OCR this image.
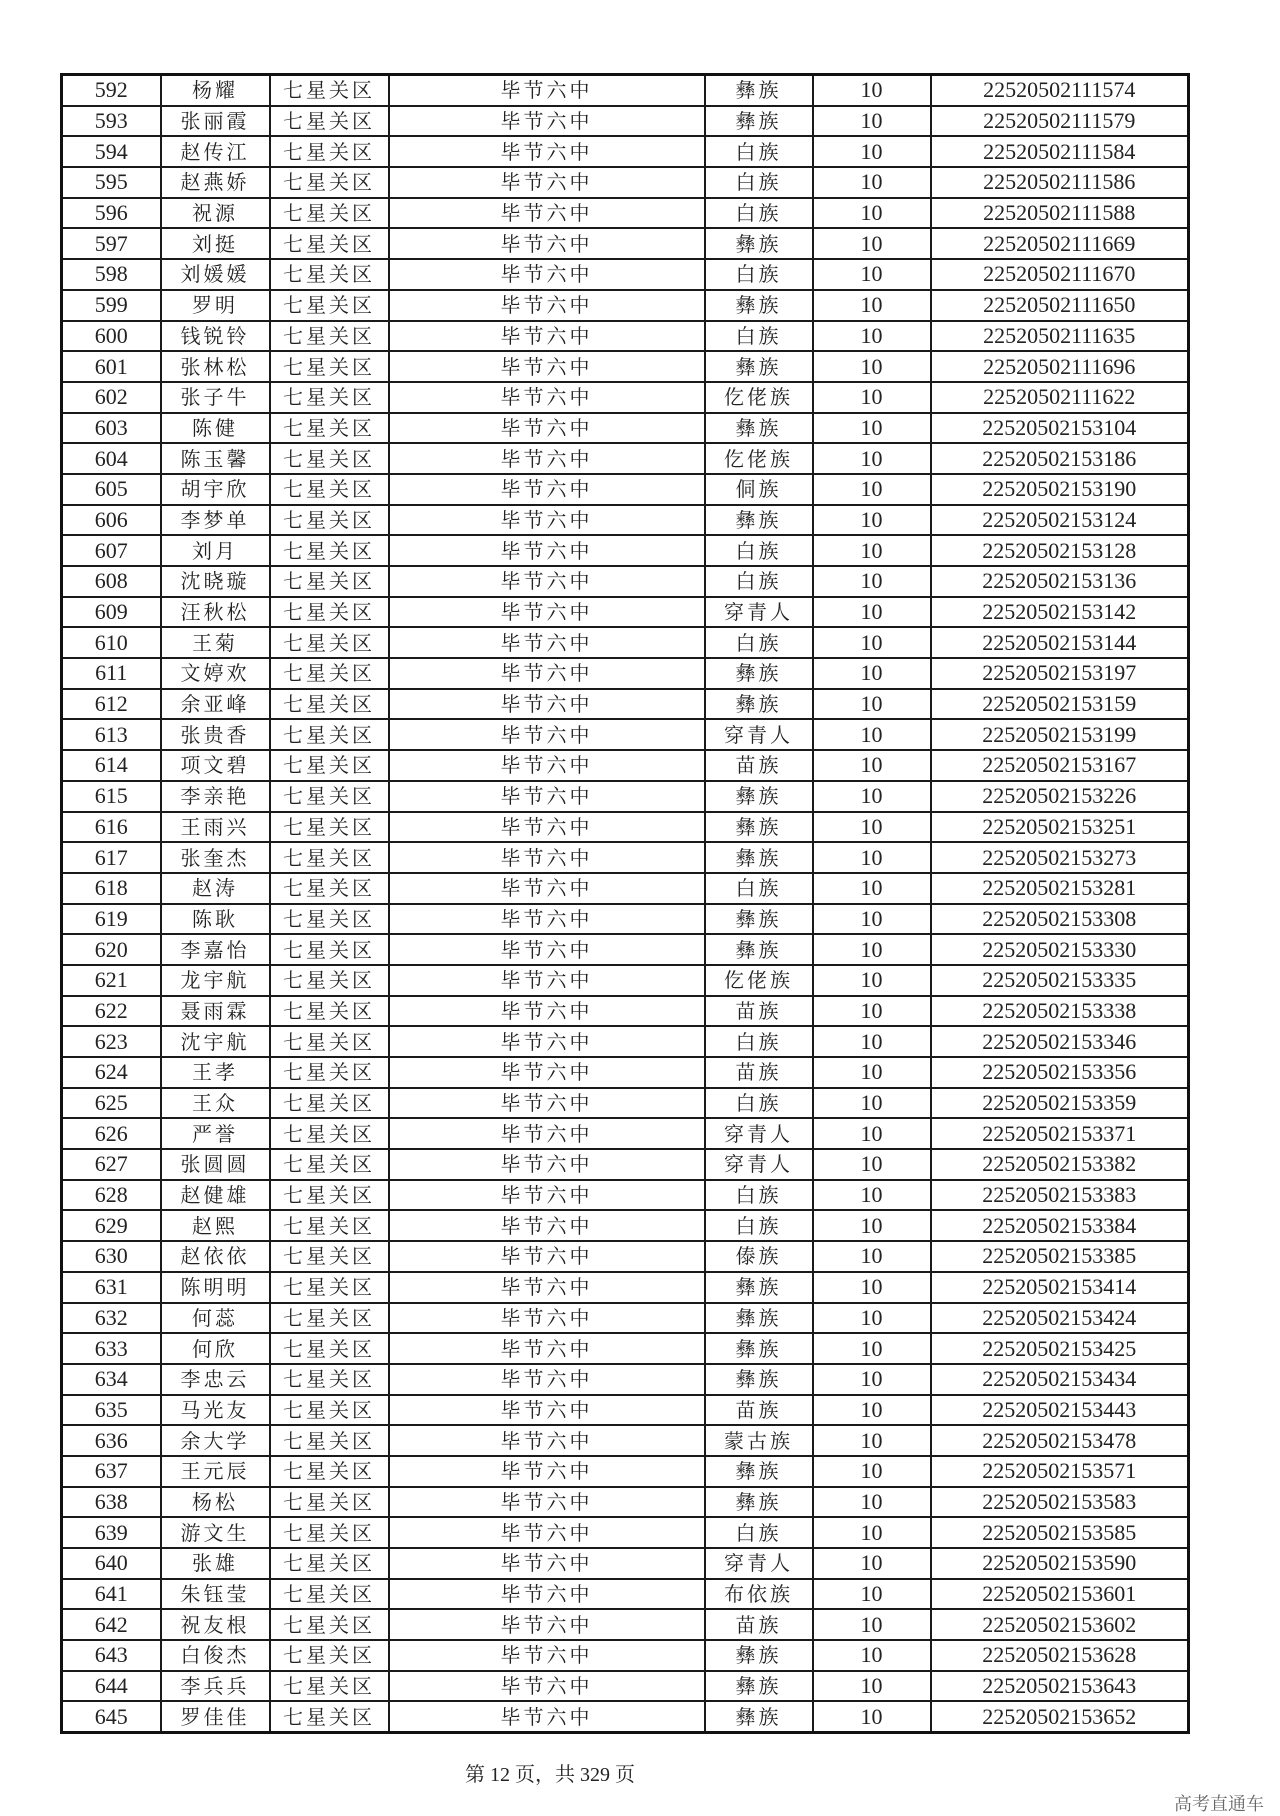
592	杨耀	七星关区	毕节六中	彝族	10	22520502111574
593	张丽霞	七星关区	毕节六中	彝族	10	22520502111579
594	赵传江	七星关区	毕节六中	白族	10	22520502111584
595	赵燕娇	七星关区	毕节六中	白族	10	22520502111586
596	祝源	七星关区	毕节六中	白族	10	22520502111588
597	刘挺	七星关区	毕节六中	彝族	10	22520502111669
598	刘媛媛	七星关区	毕节六中	白族	10	22520502111670
599	罗明	七星关区	毕节六中	彝族	10	22520502111650
600	钱锐铃	七星关区	毕节六中	白族	10	22520502111635
601	张林松	七星关区	毕节六中	彝族	10	22520502111696
602	张子牛	七星关区	毕节六中	仡佬族	10	22520502111622
603	陈健	七星关区	毕节六中	彝族	10	22520502153104
604	陈玉馨	七星关区	毕节六中	仡佬族	10	22520502153186
605	胡宇欣	七星关区	毕节六中	侗族	10	22520502153190
606	李梦单	七星关区	毕节六中	彝族	10	22520502153124
607	刘月	七星关区	毕节六中	白族	10	22520502153128
608	沈晓璇	七星关区	毕节六中	白族	10	22520502153136
609	汪秋松	七星关区	毕节六中	穿青人	10	22520502153142
610	王菊	七星关区	毕节六中	白族	10	22520502153144
611	文婷欢	七星关区	毕节六中	彝族	10	22520502153197
612	余亚峰	七星关区	毕节六中	彝族	10	22520502153159
613	张贵香	七星关区	毕节六中	穿青人	10	22520502153199
614	项文碧	七星关区	毕节六中	苗族	10	22520502153167
615	李亲艳	七星关区	毕节六中	彝族	10	22520502153226
616	王雨兴	七星关区	毕节六中	彝族	10	22520502153251
617	张奎杰	七星关区	毕节六中	彝族	10	22520502153273
618	赵涛	七星关区	毕节六中	白族	10	22520502153281
619	陈耿	七星关区	毕节六中	彝族	10	22520502153308
620	李嘉怡	七星关区	毕节六中	彝族	10	22520502153330
621	龙宇航	七星关区	毕节六中	仡佬族	10	22520502153335
622	聂雨霖	七星关区	毕节六中	苗族	10	22520502153338
623	沈宇航	七星关区	毕节六中	白族	10	22520502153346
624	王孝	七星关区	毕节六中	苗族	10	22520502153356
625	王众	七星关区	毕节六中	白族	10	22520502153359
626	严誉	七星关区	毕节六中	穿青人	10	22520502153371
627	张圆圆	七星关区	毕节六中	穿青人	10	22520502153382
628	赵健雄	七星关区	毕节六中	白族	10	22520502153383
629	赵熙	七星关区	毕节六中	白族	10	22520502153384
630	赵依依	七星关区	毕节六中	傣族	10	22520502153385
631	陈明明	七星关区	毕节六中	彝族	10	22520502153414
632	何蕊	七星关区	毕节六中	彝族	10	22520502153424
633	何欣	七星关区	毕节六中	彝族	10	22520502153425
634	李忠云	七星关区	毕节六中	彝族	10	22520502153434
635	马光友	七星关区	毕节六中	苗族	10	22520502153443
636	余大学	七星关区	毕节六中	蒙古族	10	22520502153478
637	王元辰	七星关区	毕节六中	彝族	10	22520502153571
638	杨松	七星关区	毕节六中	彝族	10	22520502153583
639	游文生	七星关区	毕节六中	白族	10	22520502153585
640	张雄	七星关区	毕节六中	穿青人	10	22520502153590
641	朱钰莹	七星关区	毕节六中	布依族	10	22520502153601
642	祝友根	七星关区	毕节六中	苗族	10	22520502153602
643	白俊杰	七星关区	毕节六中	彝族	10	22520502153628
644	李兵兵	七星关区	毕节六中	彝族	10	22520502153643
645	罗佳佳	七星关区	毕节六中	彝族	10	22520502153652
第 12 页，共 329 页
高考直通车
